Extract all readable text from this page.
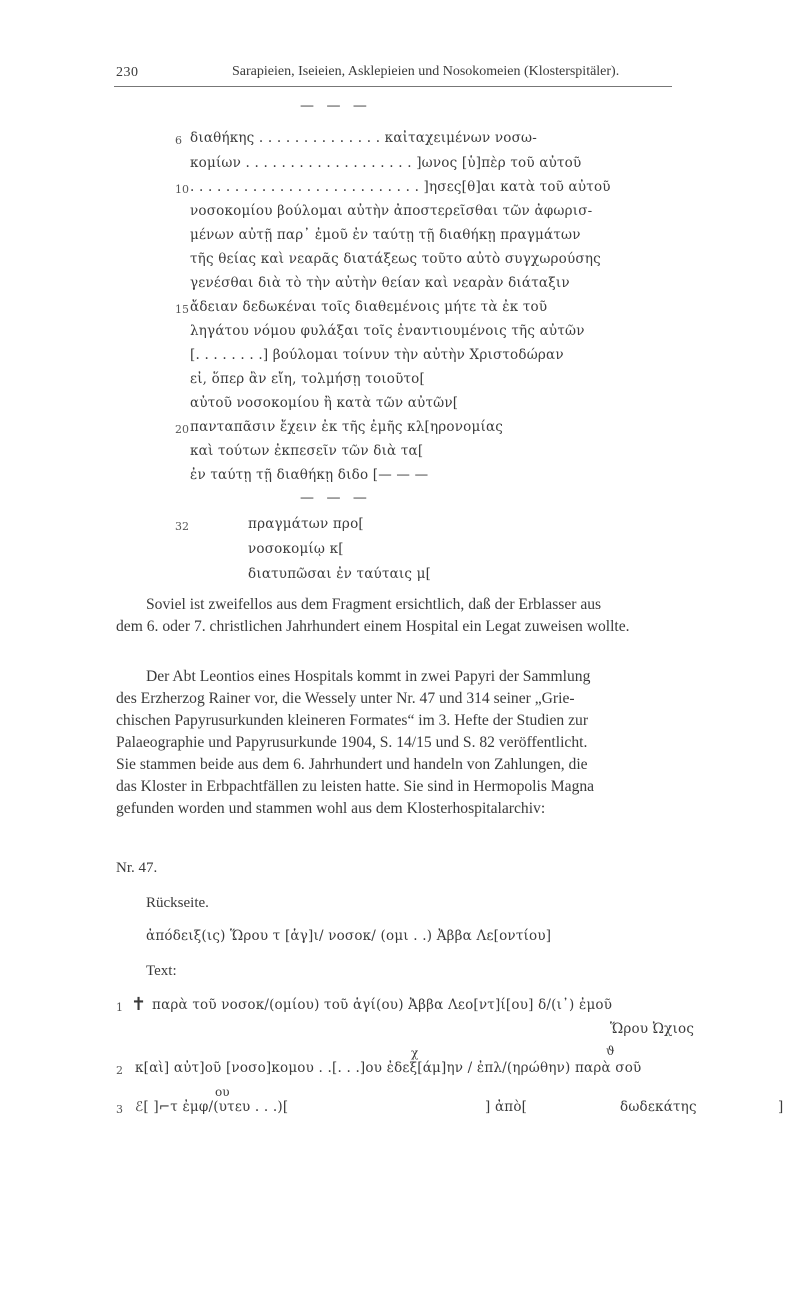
230	Sarapieien, Iseieien, Asklepieien und Nosokomeien (Klosterspitäler).
— — —
6 διαθήκης . . . . . . . . . . . . . . καἰταχειμένων νοσω-
κομίων . . . . . . . . . . . . . . . . . . . ]ωνος [ὑ]πὲρ τοῦ αὐτοῦ
10 . . . . . . . . . . . . . . . . . . . . . . . . . . ]ησες[θ]αι κατὰ τοῦ αὐτοῦ
νοσοκομίου βούλομαι αὐτὴν ἀποστερεῖσθαι τῶν ἀφωρισ-
μένων αὐτῇ παρ᾽ ἐμοῦ ἐν ταύτῃ τῇ διαθήκῃ πραγμάτων
τῆς θείας καὶ νεαρᾶς διατάξεως τοῦτο αὐτὸ συγχωρούσης
γενέσθαι διὰ τὸ τὴν αὐτὴν θείαν καὶ νεαρὰν διάταξιν
15 ἄδειαν δεδωκέναι τοῖς διαθεμένοις μήτε τὰ ἐκ τοῦ
ληγάτου νόμου φυλάξαι τοῖς ἐναντιουμένοις τῆς αὐτῶν
[. . . . . . . .] βούλομαι τοίνυν τὴν αὐτὴν Χριστοδώραν
εἰ, ὅπερ ἂν εἴη, τολμήσῃ τοιοῦτο[
αὐτοῦ νοσοκομίου ἢ κατὰ τῶν αὐτῶν[
20 πανταπᾶσιν ἔχειν ἐκ τῆς ἐμῆς κλ[ηρονομίας
καὶ τούτων ἐκπεσεῖν τῶν διὰ τα[
ἐν ταύτῃ τῇ διαθήκῃ διδο [— — —
— — —
32	πραγμάτων προ[
νοσοκομίῳ κ[
διατυπῶσαι ἐν ταύταις μ[
Soviel ist zweifellos aus dem Fragment ersichtlich, daß der Erblasser aus
dem 6. oder 7. christlichen Jahrhundert einem Hospital ein Legat zuweisen wollte.
Der Abt Leontios eines Hospitals kommt in zwei Papyri der Sammlung
des Erzherzog Rainer vor, die Wessely unter Nr. 47 und 314 seiner „Grie-
chischen Papyrusurkunden kleineren Formates“ im 3. Hefte der Studien zur
Palaeographie und Papyrusurkunde 1904, S. 14/15 und S. 82 veröffentlicht.
Sie stammen beide aus dem 6. Jahrhundert und handeln von Zahlungen, die
das Kloster in Erbpachtfällen zu leisten hatte. Sie sind in Hermopolis Magna
gefunden worden und stammen wohl aus dem Klosterhospitalarchiv:
Nr. 47.
Rückseite.
ἀπόδειξ(ις) Ὥρου τ [ἁγ]ι/ νοσοκ/ (ομι . .) Ἀββα Λε[οντίου]
Text:
1 ✝ παρὰ τοῦ νοσοκ/(ομίου) τοῦ ἁγί(ου) Ἀββα Λεο[ντ]ί[ου] δ/(ι᾽) ἐμοῦ
Ὥρου Ὠχιος
χ	ϑ
2 κ[αὶ] αὐτ]οῦ [νοσο]κομου . .[. . .]ου ἐδεξ[άμ]ην / ἐπλ/(ηρώθην) παρὰ σοῦ
ου
3 ℰ[ ]⌐τ ἐμφ/(υτευ . . .)[	] ἀπὸ[	δωδεκάτης	]
